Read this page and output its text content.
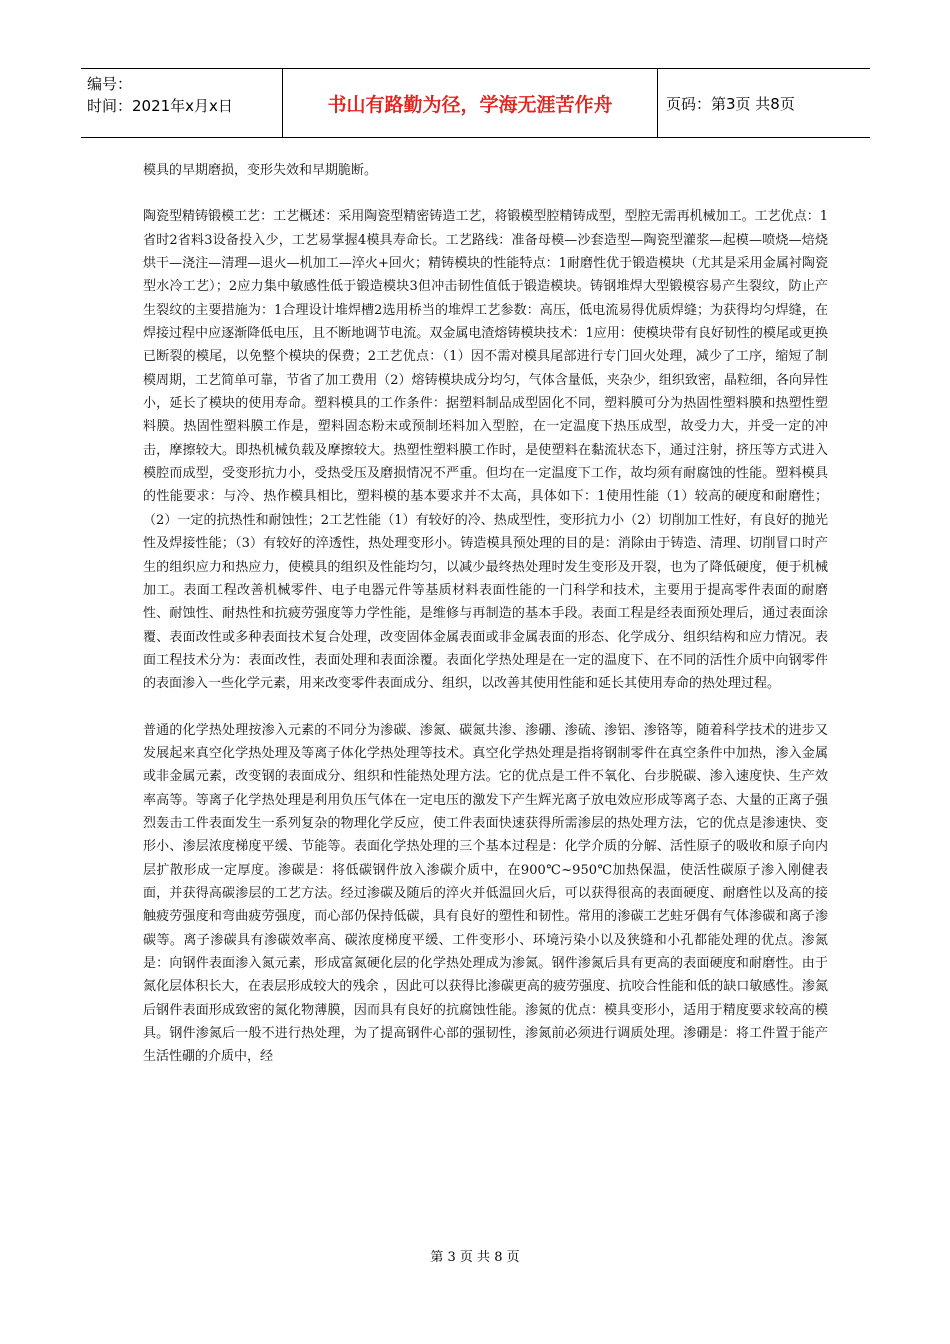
编号：
时间：2021年x月x日	书山有路勤为径，学海无涯苦作舟	页码：第3页 共8页

模具的早期磨损，变形失效和早期脆断。

陶瓷型精铸锻模工艺：工艺概述：采用陶瓷型精密铸造工艺，将锻模型腔精铸成型，型腔无需再机械加工。工艺优点：1省时2省料3设备投入少，工艺易掌握4模具寿命长。工艺路线：准备母模—沙套造型—陶瓷型灌浆—起模—喷烧—焙烧烘干—浇注—清理—退火—机加工—淬火+回火；精铸模块的性能特点：1耐磨性优于锻造模块（尤其是采用金属衬陶瓷型水冷工艺）；2应力集中敏感性低于锻造模块3但冲击韧性值低于锻造模块。铸钢堆焊大型锻模容易产生裂纹，防止产生裂纹的主要措施为：1合理设计堆焊槽2选用桥当的堆焊工艺参数：高压，低电流易得优质焊缝；为获得均匀焊缝，在焊接过程中应逐渐降低电压，且不断地调节电流。双金属电渣熔铸模块技术：1应用：使模块带有良好韧性的模尾或更换已断裂的模尾，以免整个模块的保费；2工艺优点：（1）因不需对模具尾部进行专门回火处理，减少了工序，缩短了制模周期，工艺简单可靠，节省了加工费用（2）熔铸模块成分均匀，气体含量低，夹杂少，组织致密，晶粒细，各向异性小，延长了模块的使用寿命。塑料模具的工作条件：据塑料制品成型固化不同，塑料膜可分为热固性塑料膜和热塑性塑料膜。热固性塑料膜工作是，塑料固态粉末或预制坯料加入型腔，在一定温度下热压成型，故受力大，并受一定的冲击，摩擦较大。即热机械负载及摩擦较大。热塑性塑料膜工作时，是使塑料在黏流状态下，通过注射，挤压等方式进入模腔而成型，受变形抗力小，受热受压及磨损情况不严重。但均在一定温度下工作，故均须有耐腐蚀的性能。塑料模具的性能要求：与冷、热作模具相比，塑料模的基本要求并不太高，具体如下：1使用性能（1）较高的硬度和耐磨性；（2）一定的抗热性和耐蚀性；2工艺性能（1）有较好的冷、热成型性，变形抗力小（2）切削加工性好，有良好的抛光性及焊接性能；（3）有较好的淬透性，热处理变形小。铸造模具预处理的目的是：消除由于铸造、清理、切削冒口时产生的组织应力和热应力，使模具的组织及性能均匀，以减少最终热处理时发生变形及开裂，也为了降低硬度，便于机械加工。表面工程改善机械零件、电子电器元件等基质材料表面性能的一门科学和技术，主要用于提高零件表面的耐磨性、耐蚀性、耐热性和抗疲劳强度等力学性能，是维修与再制造的基本手段。表面工程是经表面预处理后，通过表面涂覆、表面改性或多种表面技术复合处理，改变固体金属表面或非金属表面的形态、化学成分、组织结构和应力情况。表面工程技术分为：表面改性，表面处理和表面涂覆。表面化学热处理是在一定的温度下、在不同的活性介质中向钢零件的表面渗入一些化学元素，用来改变零件表面成分、组织，以改善其使用性能和延长其使用寿命的热处理过程。

普通的化学热处理按渗入元素的不同分为渗碳、渗氮、碳氮共渗、渗硼、渗硫、渗铝、渗铬等，随着科学技术的进步又发展起来真空化学热处理及等离子体化学热处理等技术。真空化学热处理是指将钢制零件在真空条件中加热，渗入金属或非金属元素，改变钢的表面成分、组织和性能热处理方法。它的优点是工件不氧化、台步脱碳、渗入速度快、生产效率高等。等离子化学热处理是利用负压气体在一定电压的激发下产生辉光离子放电效应形成等离子态、大量的正离子强烈轰击工件表面发生一系列复杂的物理化学反应，使工件表面快速获得所需渗层的热处理方法，它的优点是渗速快、变形小、渗层浓度梯度平缓、节能等。表面化学热处理的三个基本过程是：化学介质的分解、活性原子的吸收和原子向内层扩散形成一定厚度。渗碳是：将低碳钢件放入渗碳介质中，在900℃~950℃加热保温，使活性碳原子渗入刚健表面，并获得高碳渗层的工艺方法。经过渗碳及随后的淬火并低温回火后，可以获得很高的表面硬度、耐磨性以及高的接触疲劳强度和弯曲疲劳强度，而心部仍保持低碳，具有良好的塑性和韧性。常用的渗碳工艺蛀牙偶有气体渗碳和离子渗碳等。离子渗碳具有渗碳效率高、碳浓度梯度平缓、工件变形小、环境污染小以及狭缝和小孔都能处理的优点。渗氮是：向钢件表面渗入氮元素，形成富氮硬化层的化学热处理成为渗氮。钢件渗氮后具有更高的表面硬度和耐磨性。由于氮化层体积长大，在表层形成较大的残余 ，因此可以获得比渗碳更高的疲劳强度、抗咬合性能和低的缺口敏感性。渗氮后钢件表面形成致密的氮化物薄膜，因而具有良好的抗腐蚀性能。渗氮的优点：模具变形小，适用于精度要求较高的模具。钢件渗氮后一般不进行热处理，为了提高钢件心部的强韧性，渗氮前必须进行调质处理。渗硼是：将工件置于能产生活性硼的介质中，经

第 3 页 共 8 页
